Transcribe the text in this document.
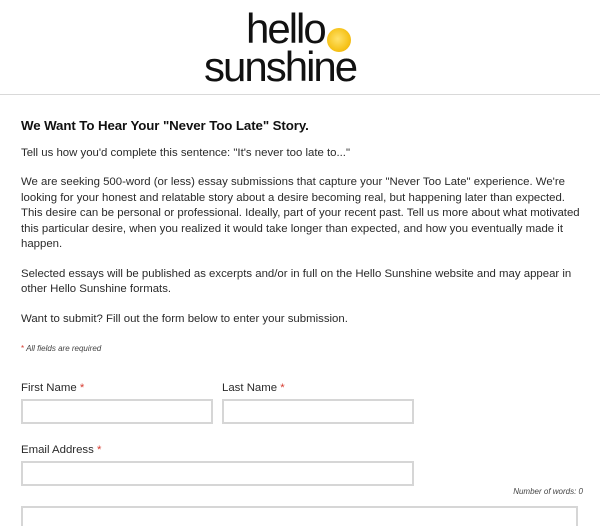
hello
sunshine
We Want To Hear Your "Never Too Late" Story.

Tell us how you'd complete this sentence: "It's never too late to..."

We are seeking 500-word (or less) essay submissions that capture your "Never Too Late" experience. We're looking for your honest and relatable story about a desire becoming real, but happening later than expected. This desire can be personal or professional. Ideally, part of your recent past. Tell us more about what motivated this particular desire, when you realized it would take longer than expected, and how you eventually made it happen.

Selected essays will be published as excerpts and/or in full on the Hello Sunshine website and may appear in other Hello Sunshine formats.

Want to submit? Fill out the form below to enter your submission.

* All fields are required
First Name *	Last Name *
Email Address *
Number of words: 0
